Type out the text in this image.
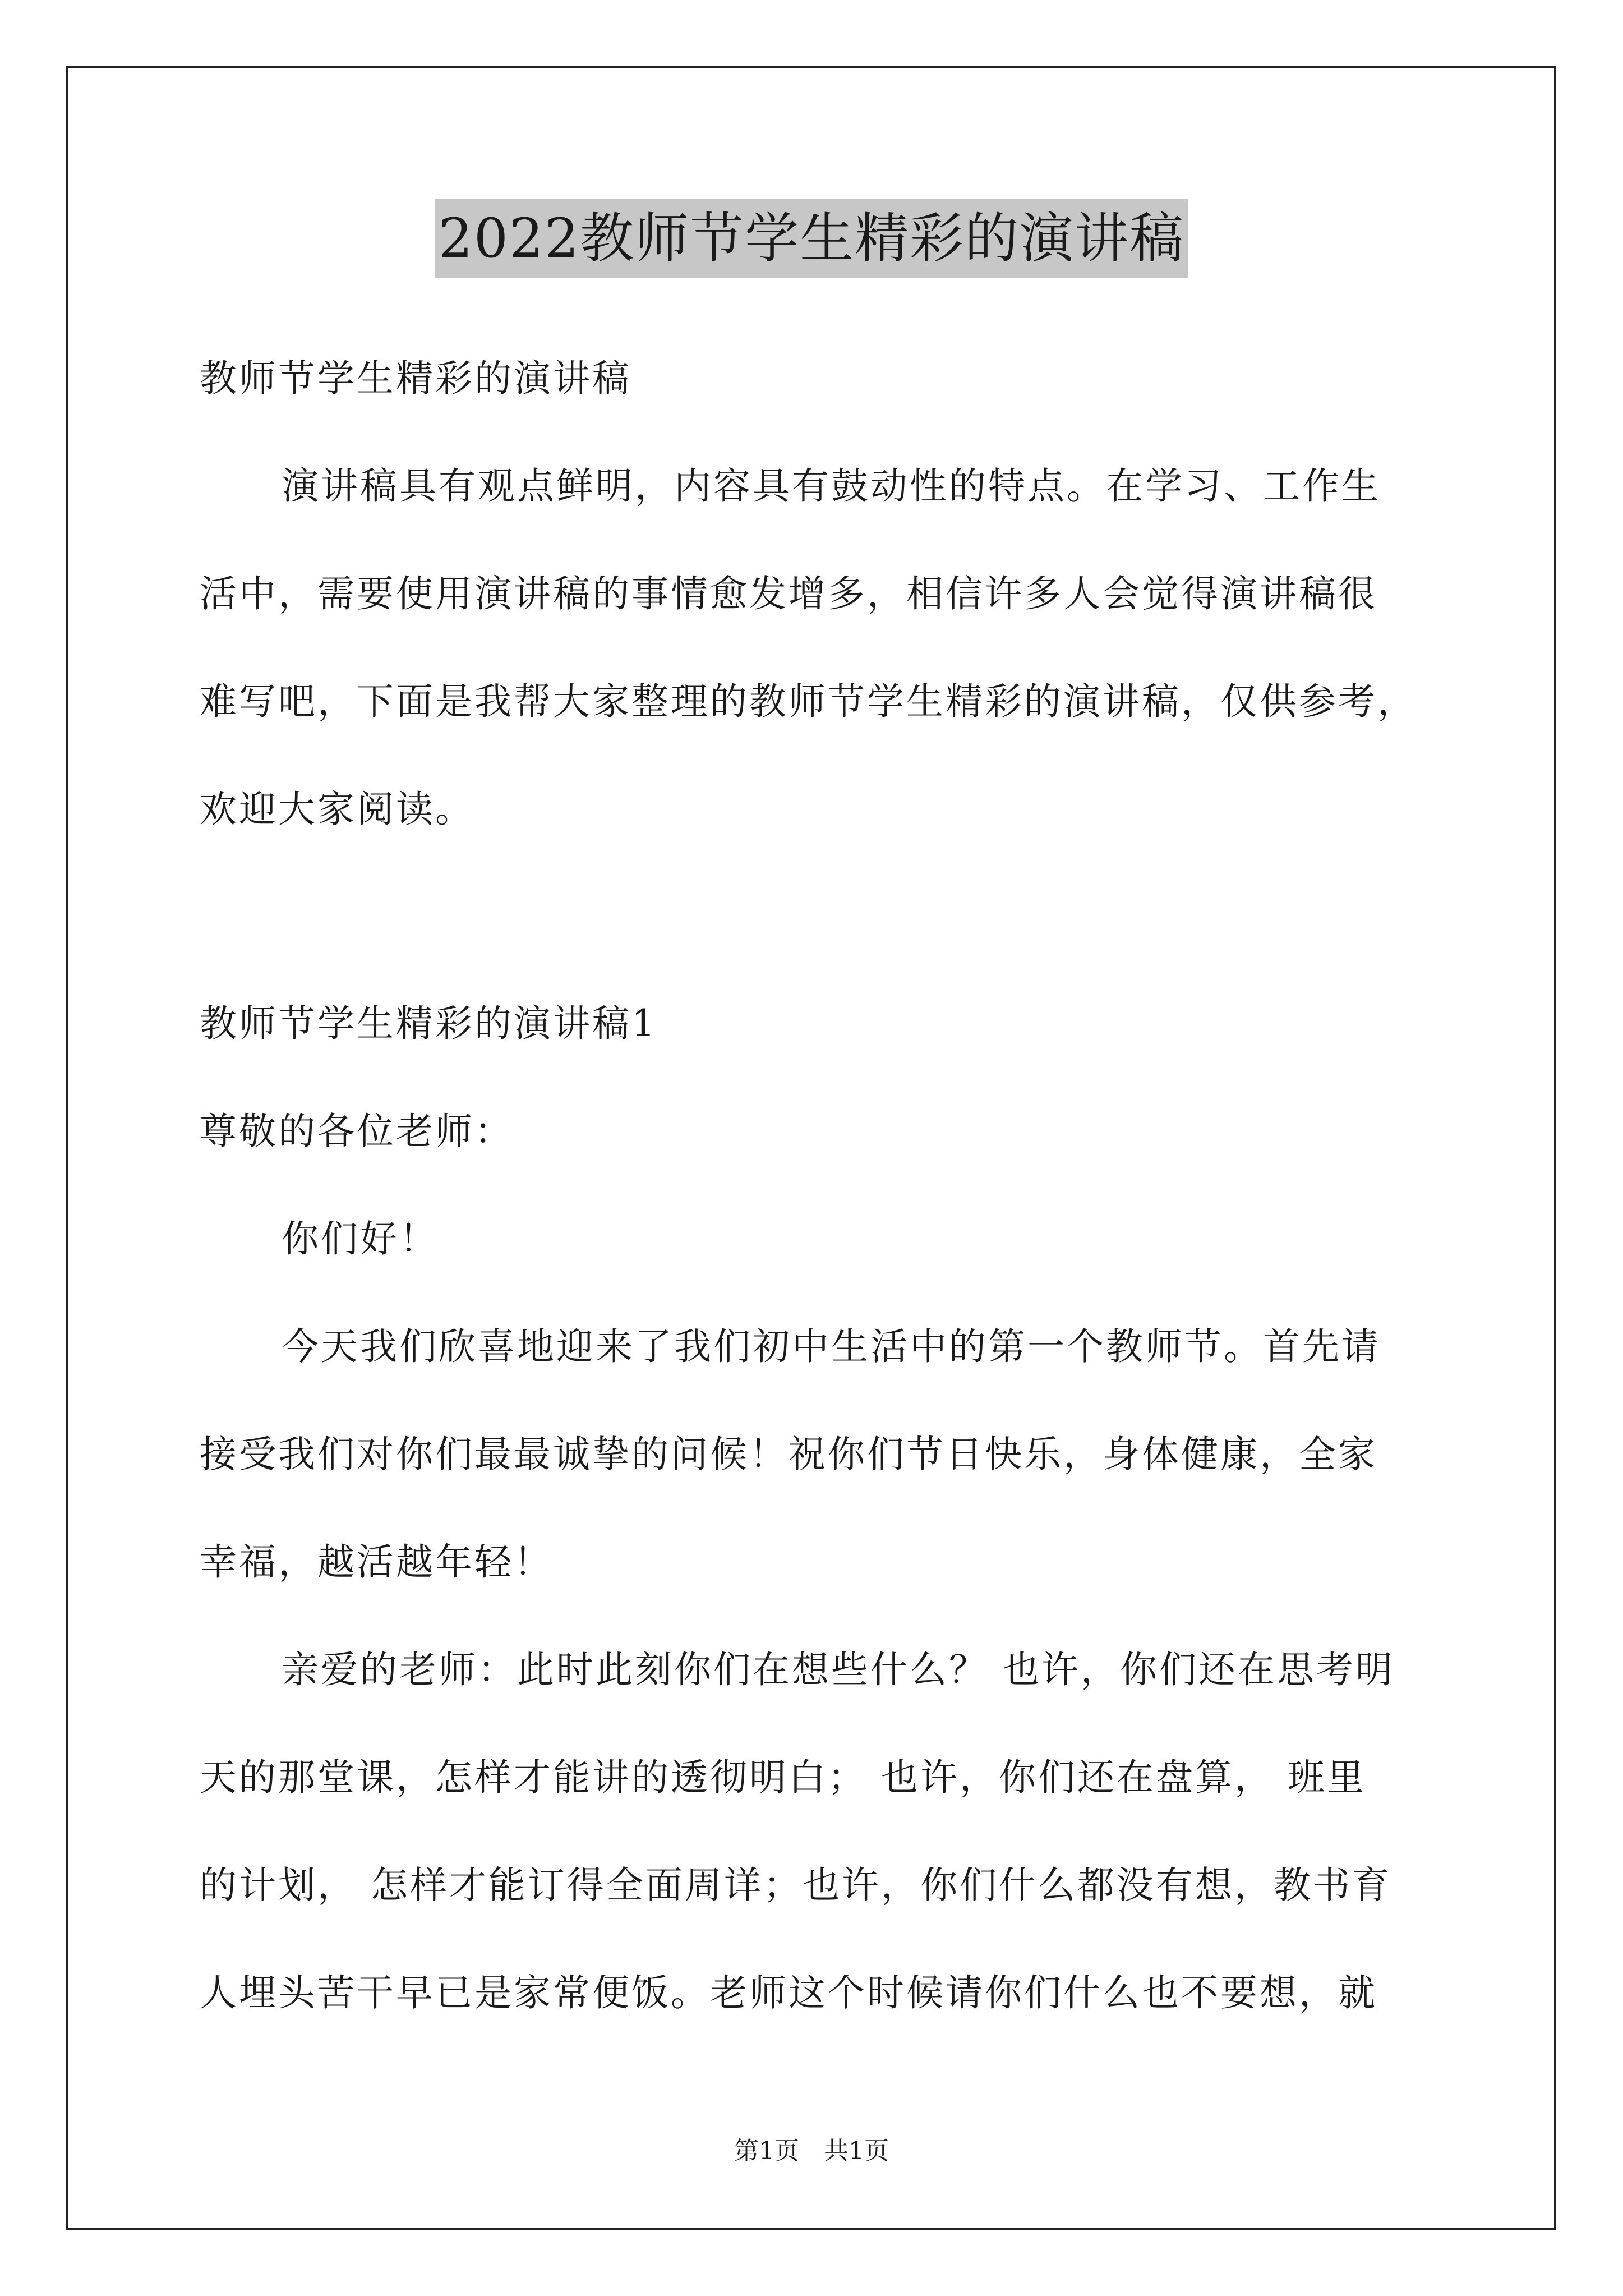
2022教师节学生精彩的演讲稿
教师节学生精彩的演讲稿
演讲稿具有观点鲜明，内容具有鼓动性的特点。在学习、工作生
活中，需要使用演讲稿的事情愈发增多，相信许多人会觉得演讲稿很
难写吧，下面是我帮大家整理的教师节学生精彩的演讲稿，仅供参考，
欢迎大家阅读。
教师节学生精彩的演讲稿1
尊敬的各位老师：
你们好！
今天我们欣喜地迎来了我们初中生活中的第一个教师节。首先请
接受我们对你们最最诚挚的问候！祝你们节日快乐，身体健康，全家
幸福，越活越年轻！
亲爱的老师：此时此刻你们在想些什么？ 也许，你们还在思考明
天的那堂课，怎样才能讲的透彻明白； 也许，你们还在盘算， 班里
的计划， 怎样才能订得全面周详；也许，你们什么都没有想，教书育
人埋头苦干早已是家常便饭。老师这个时候请你们什么也不要想，就
第1页　共1页
